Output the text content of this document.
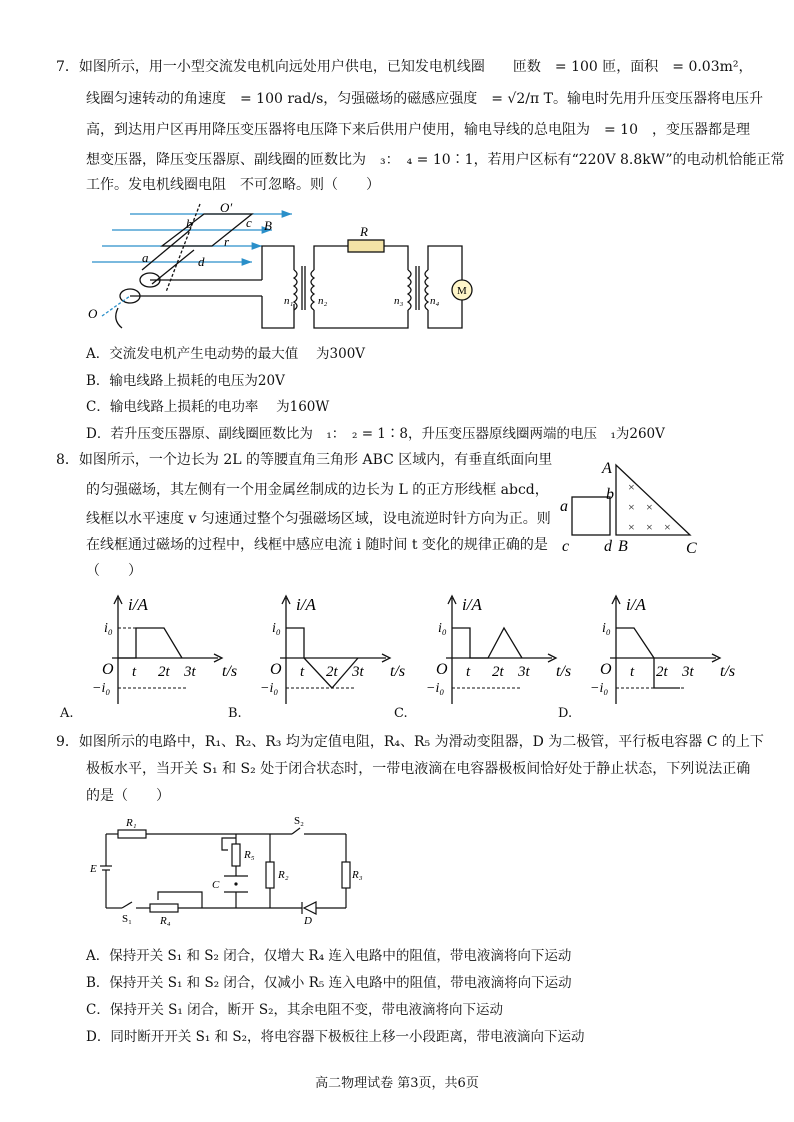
7．如图所示，用一小型交流发电机向远处用户供电，已知发电机线圈　　匝数　= 100 匝，面积　= 0.03m²，
线圈匀速转动的角速度　= 100 rad/s，匀强磁场的磁感应强度　= √2/π T。输电时先用升压变压器将电压升
高，到达用户区再用降压变压器将电压降下来后供用户使用，输电导线的总电阻为　= 10　，变压器都是理
想变压器，降压变压器原、副线圈的匝数比为　₃：　₄ = 10∶1，若用户区标有“220V 8.8kW”的电动机恰能正常
工作。发电机线圈电阻　不可忽略。则（　　）
O′
b	c B
a
r
d
O
R
n₁ n₂	n₃ n₄
M
A．交流发电机产生电动势的最大值　 为300V
B．输电线路上损耗的电压为20V
C．输电线路上损耗的电功率　 为160W
D．若升压变压器原、副线圈匝数比为　₁：　₂ = 1∶8，升压变压器原线圈两端的电压　₁为260V
8．如图所示，一个边长为 2L 的等腰直角三角形 ABC 区域内，有垂直纸面向里
的匀强磁场，其左侧有一个用金属丝制成的边长为 L 的正方形线框 abcd，
线框以水平速度 v 匀速通过整个匀强磁场区域，设电流逆时针方向为正。则
在线框通过磁场的过程中，线框中感应电流 i 随时间 t 变化的规律正确的是
（　　）
×
× ×
× × ×
A
B	C
a
b
c d
i/A
t/s
i₀
−i₀
O t 2t 3t
A.
i/A
t/s
i₀
−i₀
O t 2t 3t
B.
i/A
t/s
i₀
−i₀
O t 2t 3t
C.
i/A
t/s
i₀
−i₀
O t 2t 3t
D.
9．如图所示的电路中，R₁、R₂、R₃ 均为定值电阻，R₄、R₅ 为滑动变阻器，D 为二极管，平行板电容器 C 的上下
极板水平，当开关 S₁ 和 S₂ 处于闭合状态时，一带电液滴在电容器极板间恰好处于静止状态，下列说法正确
的是（　　）
R₁	S₂
R₅
R₂	R₃
E
C
S₁	R₄	D
A．保持开关 S₁ 和 S₂ 闭合，仅增大 R₄ 连入电路中的阻值，带电液滴将向下运动
B．保持开关 S₁ 和 S₂ 闭合，仅减小 R₅ 连入电路中的阻值，带电液滴将向下运动
C．保持开关 S₁ 闭合，断开 S₂，其余电阻不变，带电液滴将向下运动
D．同时断开开关 S₁ 和 S₂，将电容器下极板往上移一小段距离，带电液滴向下运动
高二物理试卷 第3页，共6页
